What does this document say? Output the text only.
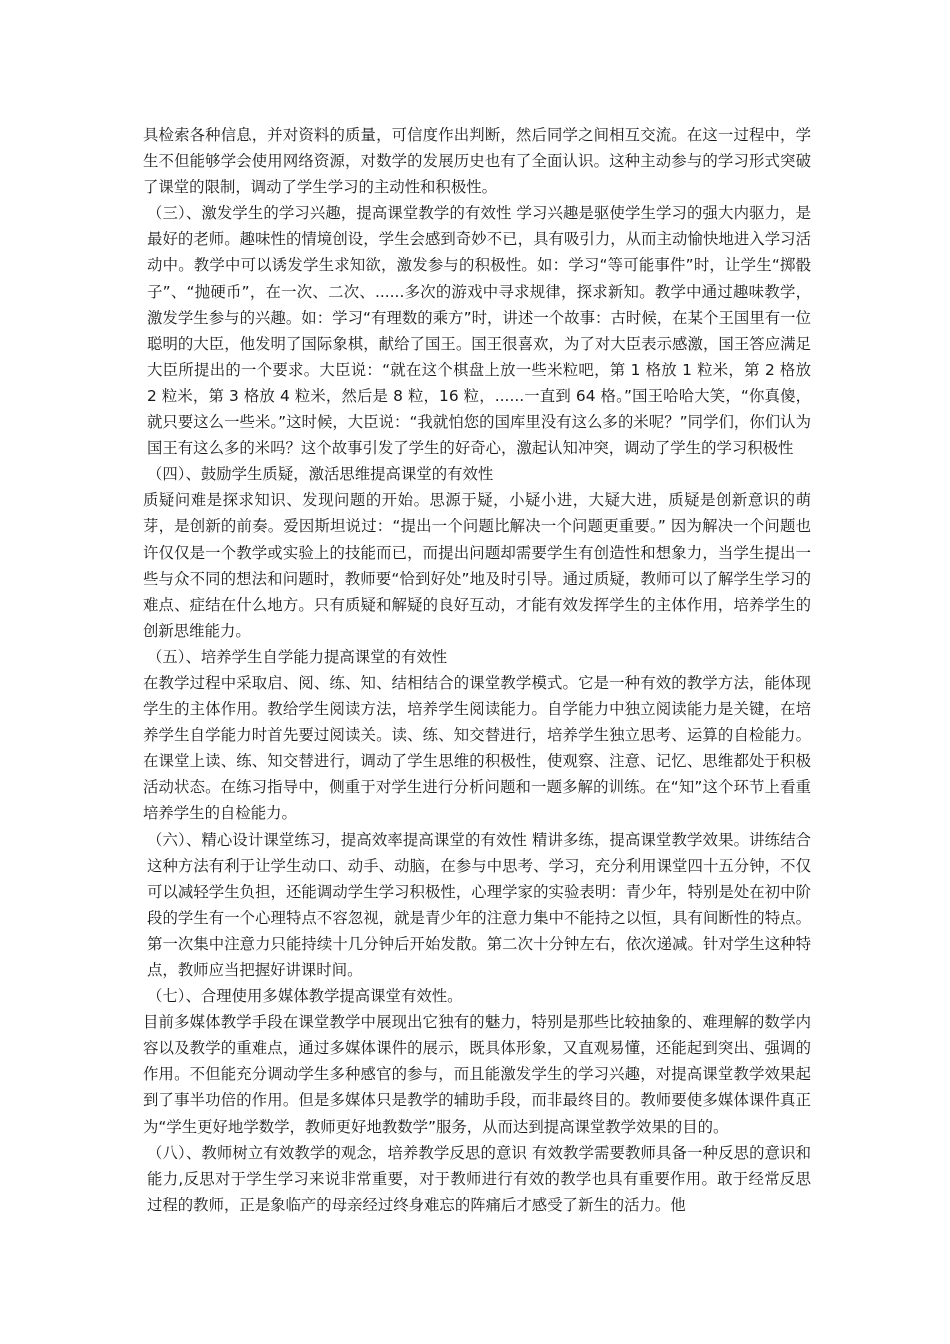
具检索各种信息，并对资料的质量，可信度作出判断，然后同学之间相互交流。在这一过程中，学生不但能够学会使用网络资源，对数学的发展历史也有了全面认识。这种主动参与的学习形式突破了课堂的限制，调动了学生学习的主动性和积极性。

（三）、激发学生的学习兴趣，提高课堂教学的有效性 学习兴趣是驱使学生学习的强大内驱力，是最好的老师。趣味性的情境创设，学生会感到奇妙不已，具有吸引力，从而主动愉快地进入学习活动中。教学中可以诱发学生求知欲，激发参与的积极性。如：学习“等可能事件”时，让学生“掷骰子”、“抛硬币”，在一次、二次、......多次的游戏中寻求规律，探求新知。教学中通过趣味教学，激发学生参与的兴趣。如：学习“有理数的乘方”时，讲述一个故事：古时候，在某个王国里有一位聪明的大臣，他发明了国际象棋，献给了国王。国王很喜欢，为了对大臣表示感激，国王答应满足大臣所提出的一个要求。大臣说：“就在这个棋盘上放一些米粒吧，第 1 格放 1 粒米，第 2 格放 2 粒米，第 3 格放 4 粒米，然后是 8 粒，16 粒，......一直到 64 格。”国王哈哈大笑，“你真傻，就只要这么一些米。”这时候，大臣说：“我就怕您的国库里没有这么多的米呢？”同学们，你们认为国王有这么多的米吗？这个故事引发了学生的好奇心，激起认知冲突，调动了学生的学习积极性

（四）、鼓励学生质疑，激活思维提高课堂的有效性

质疑问难是探求知识、发现问题的开始。思源于疑，小疑小进，大疑大进，质疑是创新意识的萌芽，是创新的前奏。爱因斯坦说过：“提出一个问题比解决一个问题更重要。” 因为解决一个问题也许仅仅是一个教学或实验上的技能而已，而提出问题却需要学生有创造性和想象力，当学生提出一些与众不同的想法和问题时，教师要“恰到好处”地及时引导。通过质疑，教师可以了解学生学习的难点、症结在什么地方。只有质疑和解疑的良好互动，才能有效发挥学生的主体作用，培养学生的创新思维能力。

（五）、培养学生自学能力提高课堂的有效性

在教学过程中采取启、阅、练、知、结相结合的课堂教学模式。它是一种有效的教学方法，能体现学生的主体作用。教给学生阅读方法，培养学生阅读能力。自学能力中独立阅读能力是关键，在培养学生自学能力时首先要过阅读关。读、练、知交替进行，培养学生独立思考、运算的自检能力。在课堂上读、练、知交替进行，调动了学生思维的积极性，使观察、注意、记忆、思维都处于积极活动状态。在练习指导中，侧重于对学生进行分析问题和一题多解的训练。在“知”这个环节上看重培养学生的自检能力。

（六）、精心设计课堂练习，提高效率提高课堂的有效性 精讲多练，提高课堂教学效果。讲练结合这种方法有利于让学生动口、动手、动脑，在参与中思考、学习，充分利用课堂四十五分钟，不仅可以减轻学生负担，还能调动学生学习积极性，心理学家的实验表明：青少年，特别是处在初中阶段的学生有一个心理特点不容忽视，就是青少年的注意力集中不能持之以恒，具有间断性的特点。第一次集中注意力只能持续十几分钟后开始发散。第二次十分钟左右，依次递减。针对学生这种特点，教师应当把握好讲课时间。

（七）、合理使用多媒体教学提高课堂有效性。

目前多媒体教学手段在课堂教学中展现出它独有的魅力，特别是那些比较抽象的、难理解的数学内容以及教学的重难点，通过多媒体课件的展示，既具体形象，又直观易懂，还能起到突出、强调的作用。不但能充分调动学生多种感官的参与，而且能激发学生的学习兴趣，对提高课堂教学效果起到了事半功倍的作用。但是多媒体只是教学的辅助手段，而非最终目的。教师要使多媒体课件真正为“学生更好地学数学，教师更好地教数学”服务，从而达到提高课堂教学效果的目的。

（八）、教师树立有效教学的观念，培养教学反思的意识 有效教学需要教师具备一种反思的意识和能力,反思对于学生学习来说非常重要，对于教师进行有效的教学也具有重要作用。敢于经常反思过程的教师，正是象临产的母亲经过终身难忘的阵痛后才感受了新生的活力。他
